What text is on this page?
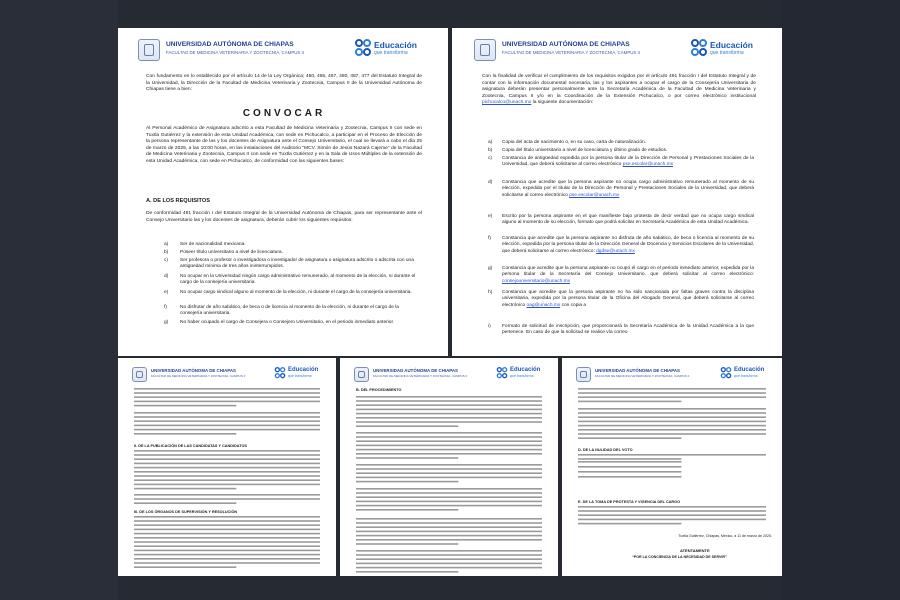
UNIVERSIDAD AUTÓNOMA DE CHIAPAS
FACULTAD DE MEDICINA VETERINARIA Y ZOOTECNIA, CAMPUS II
Educación
que transforma
Con fundamento en lo establecido por el artículo 14 de la Ley Orgánica; 450, 455, 467, 480, 487, 477 del Estatuto Integral de la Universidad, la Dirección de la Facultad de Medicina Veterinaria y Zootecnia, Campus II de la Universidad Autónoma de Chiapas tiene a bien:
CONVOCAR
Al Personal Académico de Asignatura adscrito a esta Facultad de Medicina Veterinaria y Zootecnia, Campus II con sede en Tuxtla Gutiérrez y la extensión de esta Unidad Académica, con sede en Pichucalco, a participar en el Proceso de Elección de la persona representante de las y los docentes de Asignatura ante el Consejo Universitario, el cual se llevará a cabo el día 25 de marzo de 2025, a las 10:00 horas, en las instalaciones del Auditorio “MCV. Simón de Jesús Nazará Cajeme” de la Facultad de Medicina Veterinaria y Zootecnia, Campus II con sede en Tuxtla Gutiérrez y en la Sala de Usos Múltiples de la extensión de esta Unidad Académica, con sede en Pichucalco, de conformidad con las siguientes bases:
A. DE LOS REQUISITOS
De conformidad 491 fracción I del Estatuto Integral de la Universidad Autónoma de Chiapas, para ser representante ante el Consejo Universitario las y los docentes de asignatura, deberán cubrir los siguientes requisitos:
a) Ser de nacionalidad mexicana.
b) Poseer título universitario a nivel de licenciatura.
c)	Ser profesora o profesor o investigadora o investigador de asignatura o asignatura adscrito o adscrita con una antigüedad mínima de tres años ininterrumpidos.
d) No ocupar en la Universidad ningún cargo administrativo remunerado, al momento de la elección, ni durante el cargo de la consejería universitaria.
e) No ocupar cargo sindical alguno al momento de la elección, ni durante el cargo de la consejería universitaria.
f)	No disfrutar de año sabático, de beca o de licencia al momento de la elección, ni durante el cargo de la consejería universitaria.
g) No haber ocupado el cargo de Consejera o Consejero Universitario, en el periodo inmediato anterior.
UNIVERSIDAD AUTÓNOMA DE CHIAPAS
FACULTAD DE MEDICINA VETERINARIA Y ZOOTECNIA, CAMPUS II
Educación
que transforma
Con la finalidad de verificar el cumplimiento de los requisitos exigidos por el artículo 491 fracción I del Estatuto Integral y de contar con la información documental necesaria, las y los aspirantes a ocupar el cargo de la Consejería Universitaria de asignatura deberán presentar personalmente ante la Secretaría Académica de la Facultad de Medicina Veterinaria y Zootecnia, Campus II y/o en la Coordinación de la Extensión Pichucalco, o por correo electrónico institucional pichucalco@unach.mx la siguiente documentación:
a) Copia del acta de nacimiento o, en su caso, carta de naturalización.
b) Copia del título universitario a nivel de licenciatura y último grado de estudios.
c) Constancia de antigüedad expedida por la persona titular de la Dirección de Personal y Prestaciones Sociales de la Universidad, que deberá solicitarse al correo electrónico pse.escolar@unach.mx
d) Constancia que acredite que la persona aspirante no ocupa cargo administrativo remunerado al momento de su elección, expedida por el titular de la Dirección de Personal y Prestaciones Sociales de la Universidad, que deberá solicitarse al correo electrónico pse.escolar@unach.mx
e) Escrito por la persona aspirante en el que manifieste bajo protesta de decir verdad que no ocupa cargo sindical alguno al momento de su elección, formato que podrá solicitar en Secretaría Académica de esta Unidad Académica.
f) Constancia que acredite que la persona aspirante no disfruta de año sabático, de beca o licencia al momento de su elección, expedida por la persona titular de la Dirección General de Docencia y Servicios Escolares de la Universidad, que deberá solicitarse al correo electrónico: dgdse@unach.mx
g) Constancia que acredite que la persona aspirante no ocupó el cargo en el periodo inmediato anterior, expedida por la persona titular de la Secretaría del Consejo Universitario, que deberá solicitar al correo electrónico: consejouniversitario@unach.mx
h) Constancia que acredite que la persona aspirante no ha sido sancionada por faltas graves contra la disciplina universitaria, expedida por la persona titular de la Oficina del Abogado General, que deberá solicitarse al correo electrónico oag@unach.mx con copia a
i) Formato de solicitud de inscripción, que proporcionará la Secretaría Académica de la Unidad Académica a la que pertenece. En caso de que la solicitud se realice vía correo
UNIVERSIDAD AUTÓNOMA DE CHIAPAS
FACULTAD DE MEDICINA VETERINARIA Y ZOOTECNIA, CAMPUS II
Educación
que transforma
II. DE LA PUBLICACIÓN DE LAS CANDIDATAS Y CANDIDATOS
III. DE LOS ÓRGANOS DE SUPERVISIÓN Y RESOLUCIÓN
UNIVERSIDAD AUTÓNOMA DE CHIAPAS
FACULTAD DE MEDICINA VETERINARIA Y ZOOTECNIA, CAMPUS II
Educación
que transforma
B. DEL PROCEDIMIENTO
UNIVERSIDAD AUTÓNOMA DE CHIAPAS
FACULTAD DE MEDICINA VETERINARIA Y ZOOTECNIA, CAMPUS II
Educación
que transforma
D. DE LA NULIDAD DEL VOTO
E. DE LA TOMA DE PROTESTA Y VIGENCIA DEL CARGO
Tuxtla Gutiérrez, Chiapas, México, a 11 de marzo de 2025.
ATENTAMENTE
“POR LA CONCIENCIA DE LA NECESIDAD DE SERVIR”
